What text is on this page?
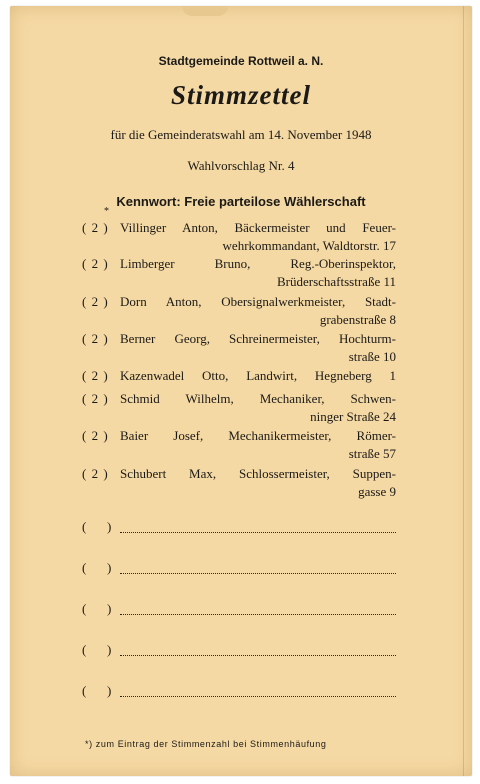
Stadtgemeinde Rottweil a. N.
Stimmzettel
für die Gemeinderatswahl am 14. November 1948
Wahlvorschlag Nr. 4
Kennwort: Freie parteilose Wählerschaft
*
( 2 ) Villinger Anton, Bäckermeister und Feuer-
wehrkommandant, Waldtorstr. 17
( 2 ) Limberger Bruno, Reg.-Oberinspektor,
Brüderschaftsstraße 11
( 2 ) Dorn Anton, Obersignalwerkmeister, Stadt-
grabenstraße 8
( 2 ) Berner Georg, Schreinermeister, Hochturm-
straße 10
( 2 ) Kazenwadel Otto, Landwirt, Hegneberg 1
( 2 ) Schmid Wilhelm, Mechaniker, Schwen-
ninger Straße 24
( 2 ) Baier Josef, Mechanikermeister, Römer-
straße 57
( 2 ) Schubert Max, Schlossermeister, Suppen-
gasse 9
( )
( )
( )
( )
( )
*) zum Eintrag der Stimmenzahl bei Stimmenhäufung
